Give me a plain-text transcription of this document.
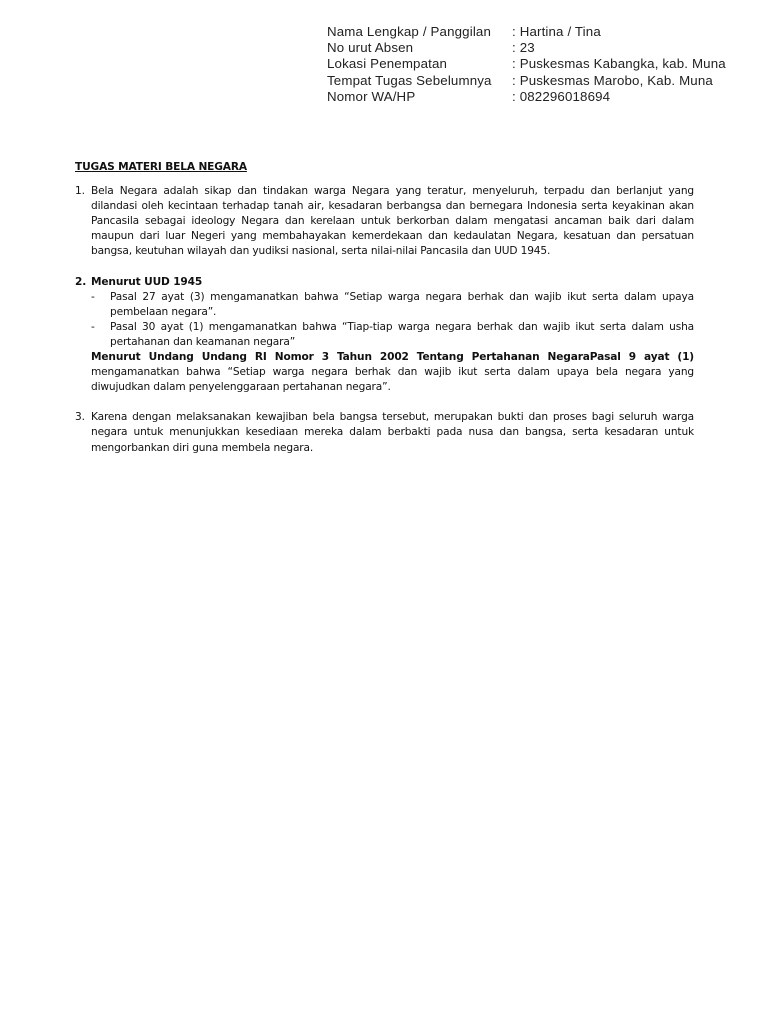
Nama Lengkap / Panggilan	: Hartina / Tina
No urut Absen	: 23
Lokasi Penempatan	: Puskesmas Kabangka, kab. Muna
Tempat Tugas Sebelumnya	: Puskesmas Marobo, Kab. Muna
Nomor WA/HP	: 082296018694
TUGAS MATERI BELA NEGARA
1. Bela Negara adalah sikap dan tindakan warga Negara yang teratur, menyeluruh, terpadu dan berlanjut yang dilandasi oleh kecintaan terhadap tanah air, kesadaran berbangsa dan bernegara Indonesia serta keyakinan akan Pancasila sebagai ideology Negara dan kerelaan untuk berkorban dalam mengatasi ancaman baik dari dalam maupun dari luar Negeri yang membahayakan kemerdekaan dan kedaulatan Negara, kesatuan dan persatuan bangsa, keutuhan wilayah dan yudiksi nasional, serta nilai-nilai Pancasila dan UUD 1945.
2. Menurut UUD 1945
-	Pasal 27 ayat (3) mengamanatkan bahwa “Setiap warga negara berhak dan wajib ikut serta dalam upaya pembelaan negara”.
-	Pasal 30 ayat (1) mengamanatkan bahwa “Tiap-tiap warga negara berhak dan wajib ikut serta dalam usha pertahanan dan keamanan negara”
Menurut Undang Undang RI Nomor 3 Tahun 2002 Tentang Pertahanan NegaraPasal 9 ayat (1) mengamanatkan bahwa “Setiap warga negara berhak dan wajib ikut serta dalam upaya bela negara yang diwujudkan dalam penyelenggaraan pertahanan negara”.
3. Karena dengan melaksanakan kewajiban bela bangsa tersebut, merupakan bukti dan proses bagi seluruh warga negara untuk menunjukkan kesediaan mereka dalam berbakti pada nusa dan bangsa, serta kesadaran untuk mengorbankan diri guna membela negara.
